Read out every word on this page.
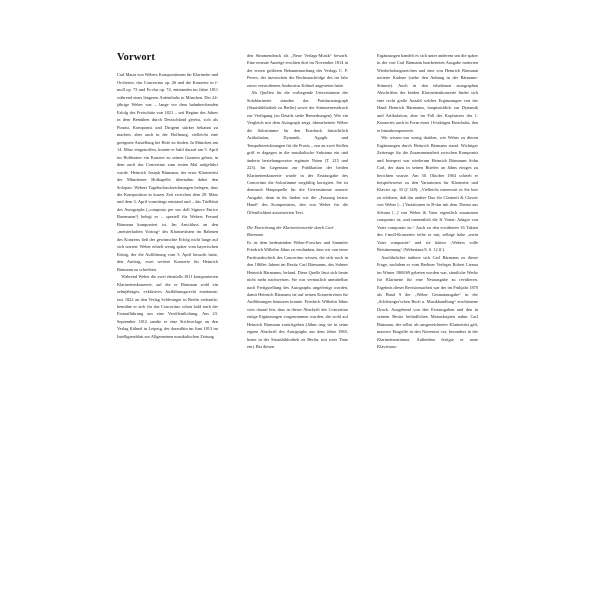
Vorwort

Carl Maria von Webers Kompositionen für Klarinette und Orchester, das Concertino op. 26 und die Konzerte in f-moll op. 73 und Es-dur op. 74, entstanden im Jahre 1811 während eines längeren Aufenthalts in München. Der 24-jährige Weber war – lange vor dem bahnbrechenden Erfolg des Freischütz von 1821 – seit Beginn des Jahres in dem Bemühen durch Deutschland gereist, sich als Pianist, Komponist und Dirigent stärker bekannt zu machen, aber auch in der Hoffnung, vielleicht eine geeignete Anstellung bei Hofe zu finden. In München am 14. März eingetroffen, konnte er bald darauf am 5. April im Hoftheater ein Konzert zu seinen Gunsten geben, in dem auch das Concertino zum ersten Mal aufgeführt wurde. Heinrich Joseph Bärmann, der erste Klarinettist der Münchener Hofkapelle, übernahm dabei den Solopart. Webers Tagebuchaufzeichnungen belegen, dass die Komposition in kurzer Zeit zwischen dem 29. März und dem 3. April vormittags entstand und – das Titelblatt des Autographs („composto per uso dell Signore Enrico Baermann“) belegt es – speziell für Webers Freund Bärmann komponiert ist. Im Anschluss an den „meisterhaften Vortrag“ des Klarinettisten im Rahmen des Konzerts ließ der gewünschte Erfolg nicht lange auf sich warten: Weber erhielt wenig später vom bayerischen König, der die Aufführung vom 5. April besucht hatte, den Auftrag, zwei weitere Konzerte für Heinrich Bärmann zu schreiben.

Während Weber die zwei ebenfalls 1811 komponierten Klarinettenkonzerte, auf die er Bärmann wohl ein zehnjähriges, exklusives Aufführungsrecht einräumte, erst 1822 an den Verlag Schlesinger in Berlin verkaufte, bemühte er sich für das Concertino schon bald nach der Erstaufführung um eine Veröffentlichung. Am 23. September 1812 sandte er eine Stichvorlage an den Verlag Kühnel in Leipzig, der daraufhin im Juni 1813 im Intelligenzblatt zur Allgemeinen musikalischen Zeitung

den Stimmendruck als „Neue Verlags-Musik“ bewarb. Eine erneute Anzeige erschien dort im November 1814 in der ersten größeren Bekanntmachung des Verlags C. F. Peters, der inzwischen die Rechtsnachfolge des im Jahr zuvor verstorbenen Ambrosius Kühnel angetreten hatte.

Als Quellen für die vorliegende Urtextstimme der Soloklarinette standen das Partiturautograph (Staatsbibliothek zu Berlin) sowie der Stimmenerstdruck zur Verfügung (zu Details siehe Bemerkungen). Wie ein Vergleich mit dem Autograph zeigt, überarbeitete Weber die Solostimme für den Erstdruck hinsichtlich Artikulation, Dynamik, Agogik und Tempobezeichnungen für die Praxis – nur an zwei Stellen griff er dagegen in die musikalische Substanz ein und änderte beziehungsweise ergänzte Noten (T. 215 und 223). Im Gegensatz zur Publikation der beiden Klarinettenkonzerte wurde in der Erstausgabe des Concertino die Solostimme sorgfältig korrigiert. Sie ist demnach Hauptquelle für die Urtextstimme unserer Ausgabe, denn in ihr finden wir die „Fassung letzter Hand“ des Komponisten, den von Weber für die Öffentlichkeit autorisierten Text.

Die Einrichtung der Klarinettenwerke durch Carl Bärmann

Es ist dem bedeutenden Weber-Forscher und Sammler Friedrich Wilhelm Jähns zu verdanken, dass wir von einer Partiturabschrift des Concertino wissen, die sich noch in den 1860er Jahren im Besitz Carl Bärmanns, des Sohnes Heinrich Bärmanns, befand. Diese Quelle lässt sich heute nicht mehr nachweisen. Sie war vermutlich unmittelbar nach Fertigstellung des Autographs angefertigt worden, damit Heinrich Bärmann sie auf seinen Konzertreisen für Aufführungen benutzen konnte. Friedrich Wilhelm Jähns wies darauf hin, dass in dieser Abschrift des Concertino einige Ergänzungen vorgenommen wurden, die wohl auf Heinrich Bärmann zurückgehen (Jähns trug sie in seine eigene Abschrift des Autographs aus dem Jahre 1865, heute in der Staatsbibliothek zu Berlin, mit roter Tinte ein). Bei diesen

Ergänzungen handelt es sich unter anderem um die später in der von Carl Bärmann bearbeiteten Ausgabe notierten Wiederholungszeichen und eine von Heinrich Bärmann notierte Kadenz (siehe den Anhang in der Bärmann-Stimme). Auch in den erhaltenen autographen Abschriften der beiden Klarinettenkonzerte findet sich eine recht große Anzahl solcher Ergänzungen von der Hand Heinrich Bärmanns, hauptsächlich zur Dynamik und Artikulation, aber im Fall des Kopfsatzes des 1. Konzertes auch in Form eines 16-taktigen Einschubs, den er hinzukomponierte.

Wir wissen nur wenig darüber, wie Weber zu diesen Ergänzungen durch Heinrich Bärmann stand. Wichtiger Zeitzeuge für die Zusammenarbeit zwischen Komponist und Interpret war wiederum Heinrich Bärmanns Sohn Carl, der dazu in seinen Briefen an Jähns einiges zu berichten wusste. Am 30. Oktober 1864 schrieb er beispielsweise zu den Variationen für Klarinette und Klavier op. 33 (J 128): „Vielleicht interessirt es Sie hier zu erfahren, daß das andere Duo für Clarinett & Clavier von Weber [...] Variationen in B-dur mit dem Thema aus Silvana [...] von Weber & Vater eigentlich zusammen componirt ist, und namentlich die 3t Variat: Adagio von Vater componirt ist.“ Auch zu den erwähnten 16 Takten des f-moll-Konzertes teilte er mit, selbige habe „mein Vater componirt“ und sie hätten „Webers volle Beistimmung“ (Weberiana 8, S. 12 ff.).

Ausführlicher äußerte sich Carl Bärmann zu dieser Frage, nachdem er vom Berliner Verleger Robert Lienau im Winter 1868/69 gebeten worden war, sämtliche Werke für Klarinette für eine Neuausgabe zu revidieren. Ergebnis dieser Revisionsarbeit war der im Frühjahr 1870 als Band 9 der „Weber Gesamtausgabe“ in der „Schlesinger'schen Buch u. Musikhandlung“ erschienene Druck. Ausgehend von den Erstausgaben und den in seinem Besitz befindlichen Manuskripten nahm Carl Bärmann, der selbst als ausgezeichneter Klarinettist galt, massive Eingriffe in den Notentext vor, besonders in der Klarinettenstimme. Außerdem fertigte er neue Klavieraus-
